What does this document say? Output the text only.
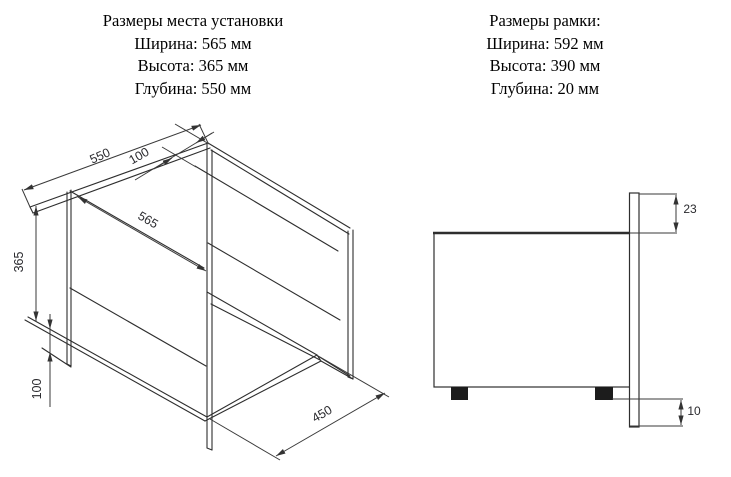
Размеры места установки
Ширина: 565 мм
Высота: 365 мм
Глубина: 550 мм
Размеры рамки:
Ширина: 592 мм
Высота: 390 мм
Глубина: 20 мм
550 100
565
365
100
450
23
10
